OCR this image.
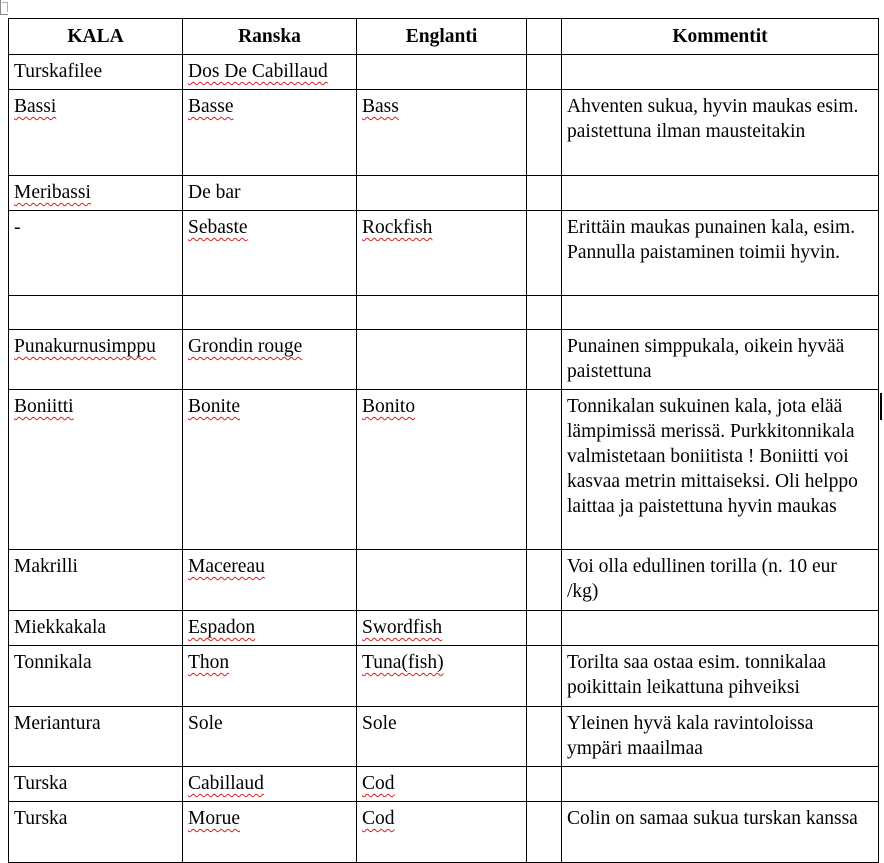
KALA	Ranska	Englanti		Kommentit
Turskafilee	Dos De Cabillaud			
Bassi	Basse	Bass		Ahventen sukua, hyvin maukas esim. paistettuna ilman mausteitakin
Meribassi	De bar			
-	Sebaste	Rockfish		Erittäin maukas punainen kala, esim. Pannulla paistaminen toimii hyvin.

Punakurnusimppu	Grondin rouge			Punainen simppukala, oikein hyvää paistettuna
Boniitti	Bonite	Bonito		Tonnikalan sukuinen kala, jota elää lämpimissä merissä. Purkkitonnikala valmistetaan boniitista ! Boniitti voi kasvaa metrin mittaiseksi. Oli helppo laittaa ja paistettuna hyvin maukas
Makrilli	Macereau			Voi olla edullinen torilla (n. 10 eur /kg)
Miekkakala	Espadon	Swordfish		
Tonnikala	Thon	Tuna(fish)		Torilta saa ostaa esim. tonnikalaa poikittain leikattuna pihveiksi
Meriantura	Sole	Sole		Yleinen hyvä kala ravintoloissa ympäri maailmaa
Turska	Cabillaud	Cod		
Turska	Morue	Cod		Colin on samaa sukua turskan kanssa
